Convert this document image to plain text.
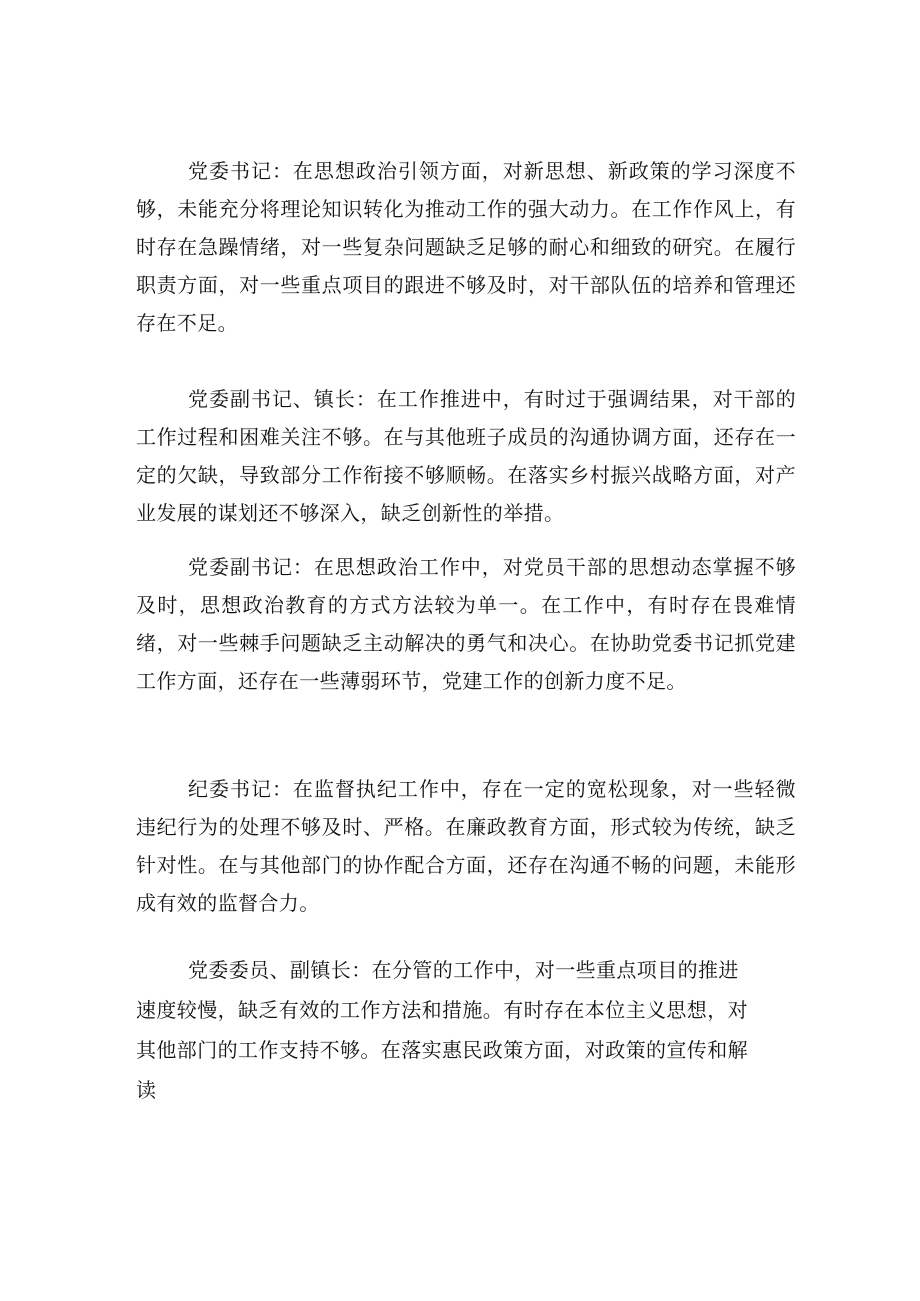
党委书记：在思想政治引领方面，对新思想、新政策的学习深度不够，未能充分将理论知识转化为推动工作的强大动力。在工作作风上，有时存在急躁情绪，对一些复杂问题缺乏足够的耐心和细致的研究。在履行职责方面，对一些重点项目的跟进不够及时，对干部队伍的培养和管理还存在不足。

党委副书记、镇长：在工作推进中，有时过于强调结果，对干部的工作过程和困难关注不够。在与其他班子成员的沟通协调方面，还存在一定的欠缺，导致部分工作衔接不够顺畅。在落实乡村振兴战略方面，对产业发展的谋划还不够深入，缺乏创新性的举措。

党委副书记：在思想政治工作中，对党员干部的思想动态掌握不够及时，思想政治教育的方式方法较为单一。在工作中，有时存在畏难情绪，对一些棘手问题缺乏主动解决的勇气和决心。在协助党委书记抓党建工作方面，还存在一些薄弱环节，党建工作的创新力度不足。

纪委书记：在监督执纪工作中，存在一定的宽松现象，对一些轻微违纪行为的处理不够及时、严格。在廉政教育方面，形式较为传统，缺乏针对性。在与其他部门的协作配合方面，还存在沟通不畅的问题，未能形成有效的监督合力。

党委委员、副镇长：在分管的工作中，对一些重点项目的推进速度较慢，缺乏有效的工作方法和措施。有时存在本位主义思想，对其他部门的工作支持不够。在落实惠民政策方面，对政策的宣传和解读
